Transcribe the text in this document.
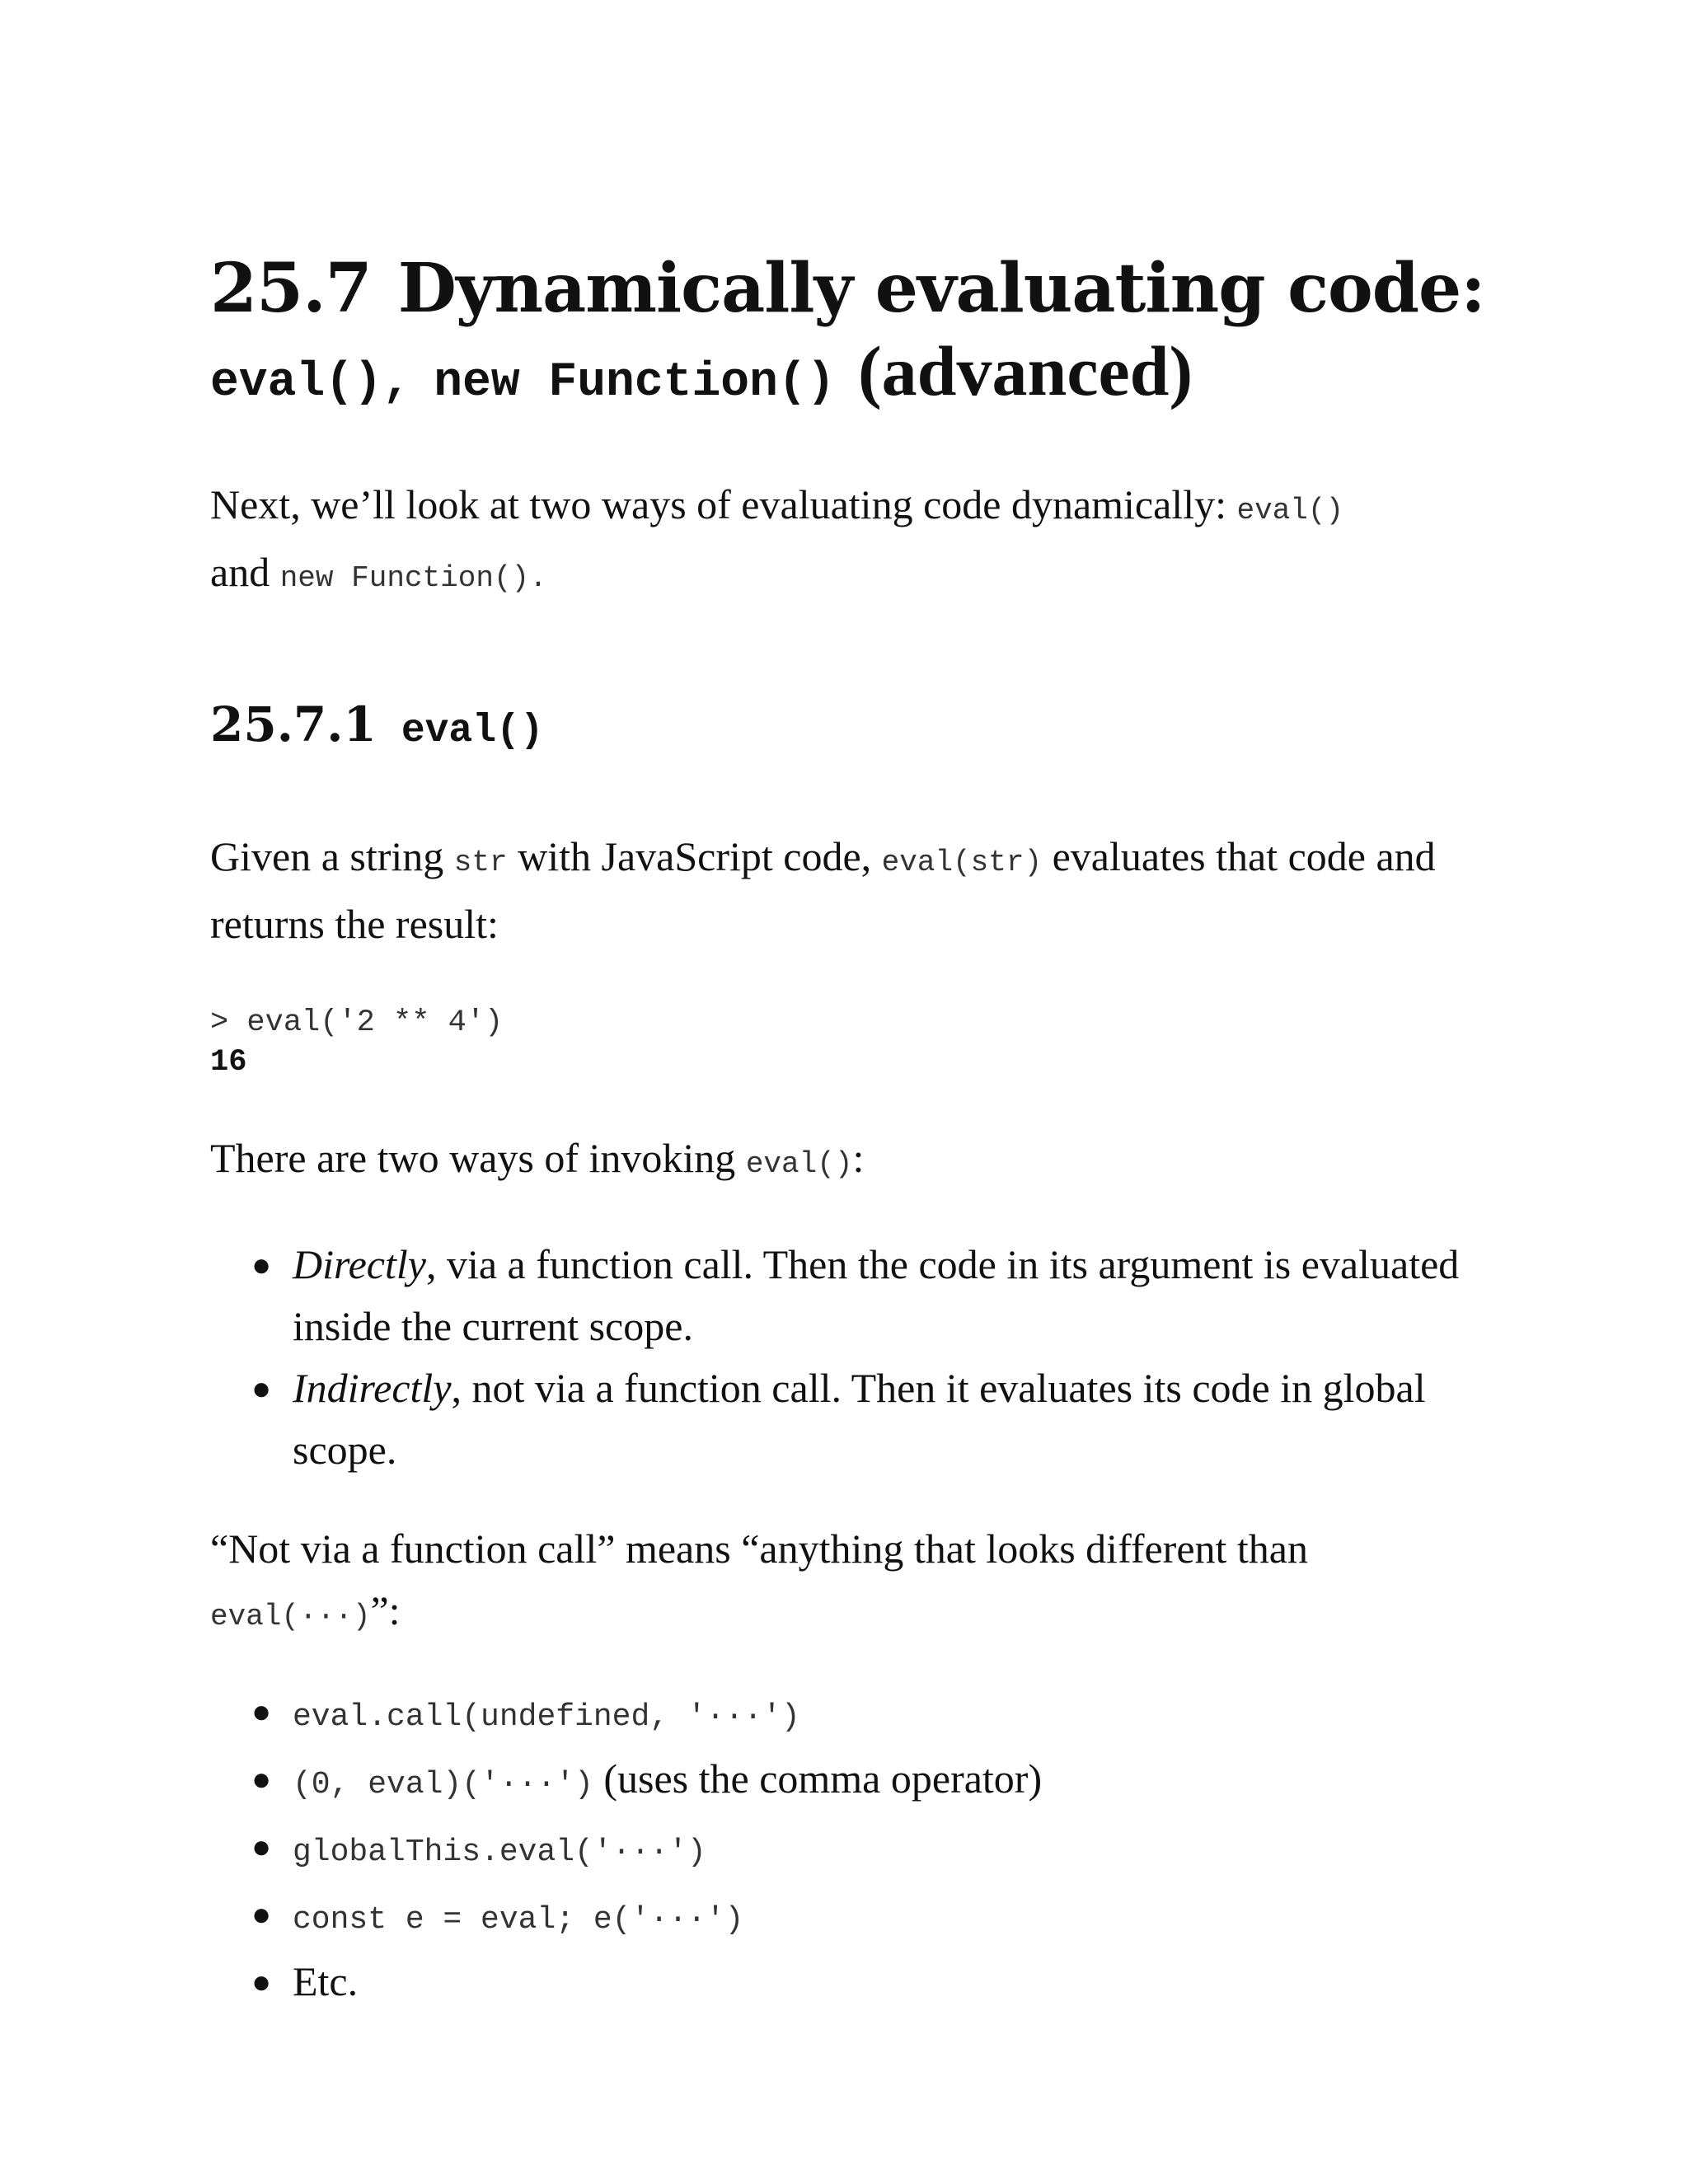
25.7 Dynamically evaluating code:
eval(), new Function() (advanced)

Next, we’ll look at two ways of evaluating code dynamically: eval()
and new Function().

25.7.1 eval()

Given a string str with JavaScript code, eval(str) evaluates that code and returns the result:

> eval('2 ** 4')
16

There are two ways of invoking eval():

● Directly, via a function call. Then the code in its argument is evaluated inside the current scope.
● Indirectly, not via a function call. Then it evaluates its code in global scope.

“Not via a function call” means “anything that looks different than
eval(···)”:

● eval.call(undefined, '···')
● (0, eval)('···') (uses the comma operator)
● globalThis.eval('···')
● const e = eval; e('···')
● Etc.
